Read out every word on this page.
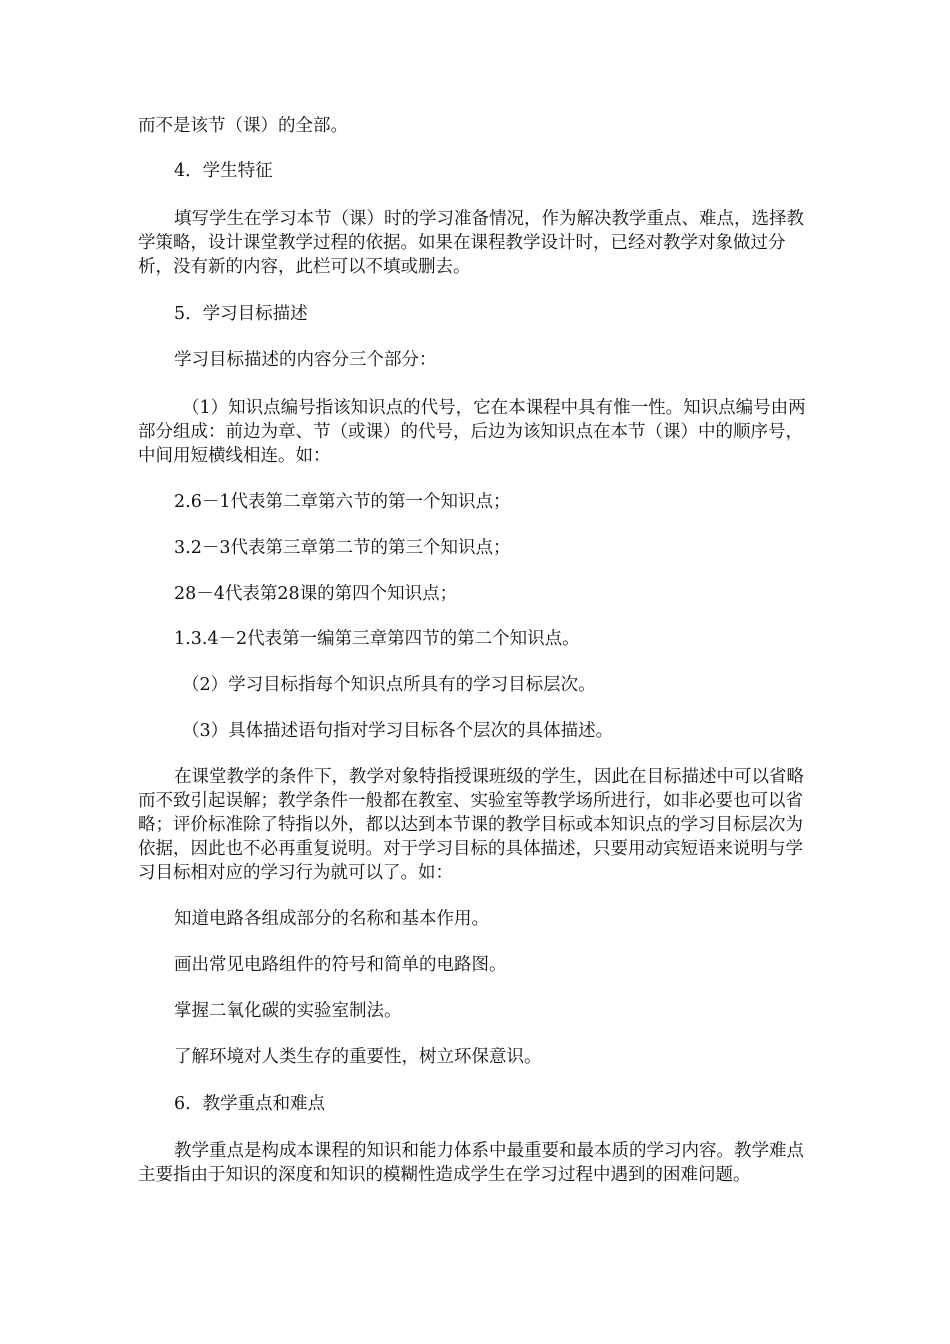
而不是该节（课）的全部。

4．学生特征

填写学生在学习本节（课）时的学习准备情况，作为解决教学重点、难点，选择教学策略，设计课堂教学过程的依据。如果在课程教学设计时，已经对教学对象做过分析，没有新的内容，此栏可以不填或删去。

5．学习目标描述

学习目标描述的内容分三个部分：

（1）知识点编号指该知识点的代号，它在本课程中具有惟一性。知识点编号由两部分组成：前边为章、节（或课）的代号，后边为该知识点在本节（课）中的顺序号，中间用短横线相连。如：

2.6－1代表第二章第六节的第一个知识点；

3.2－3代表第三章第二节的第三个知识点；

28－4代表第28课的第四个知识点；

1.3.4－2代表第一编第三章第四节的第二个知识点。

（2）学习目标指每个知识点所具有的学习目标层次。

（3）具体描述语句指对学习目标各个层次的具体描述。

在课堂教学的条件下，教学对象特指授课班级的学生，因此在目标描述中可以省略而不致引起误解；教学条件一般都在教室、实验室等教学场所进行，如非必要也可以省略；评价标准除了特指以外，都以达到本节课的教学目标或本知识点的学习目标层次为依据，因此也不必再重复说明。对于学习目标的具体描述，只要用动宾短语来说明与学习目标相对应的学习行为就可以了。如：

知道电路各组成部分的名称和基本作用。

画出常见电路组件的符号和简单的电路图。

掌握二氧化碳的实验室制法。

了解环境对人类生存的重要性，树立环保意识。

6．教学重点和难点

教学重点是构成本课程的知识和能力体系中最重要和最本质的学习内容。教学难点主要指由于知识的深度和知识的模糊性造成学生在学习过程中遇到的困难问题。
